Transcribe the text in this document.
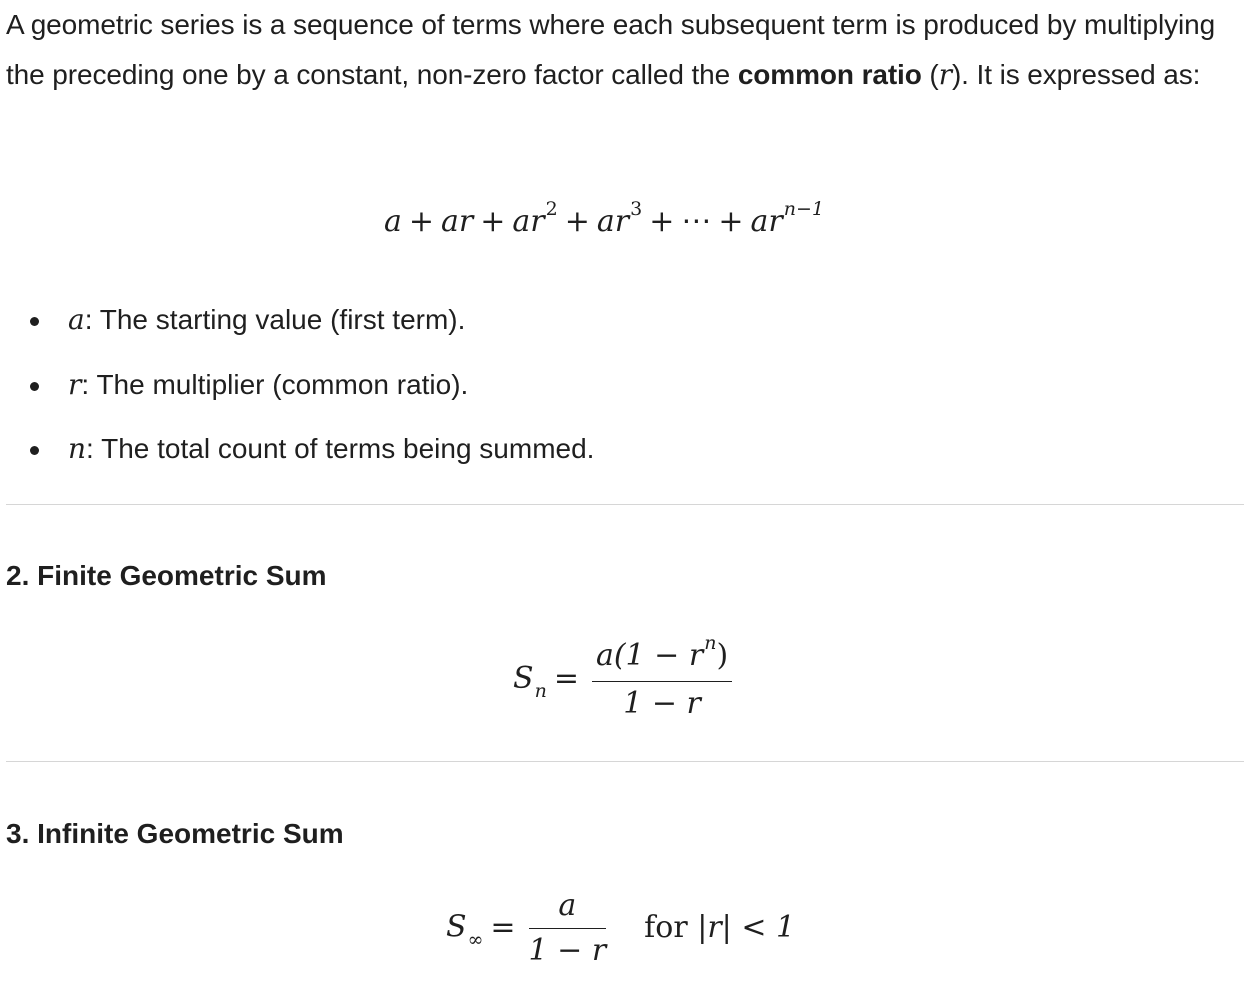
A geometric series is a sequence of terms where each subsequent term is produced by multiplying the preceding one by a constant, non-zero factor called the common ratio (r). It is expressed as:
a + ar + $ar^2 + ar^3$ + ⋯ + $ar^{n-1}$
a: The starting value (first term).
r: The multiplier (common ratio).
n: The total count of terms being summed.
2. Finite Geometric Sum
$S_n = \frac{a(1 - r^n)}{1 - r}$
3. Infinite Geometric Sum
$S_\infty = \frac{a}{1 - r}$ for |r| < 1
